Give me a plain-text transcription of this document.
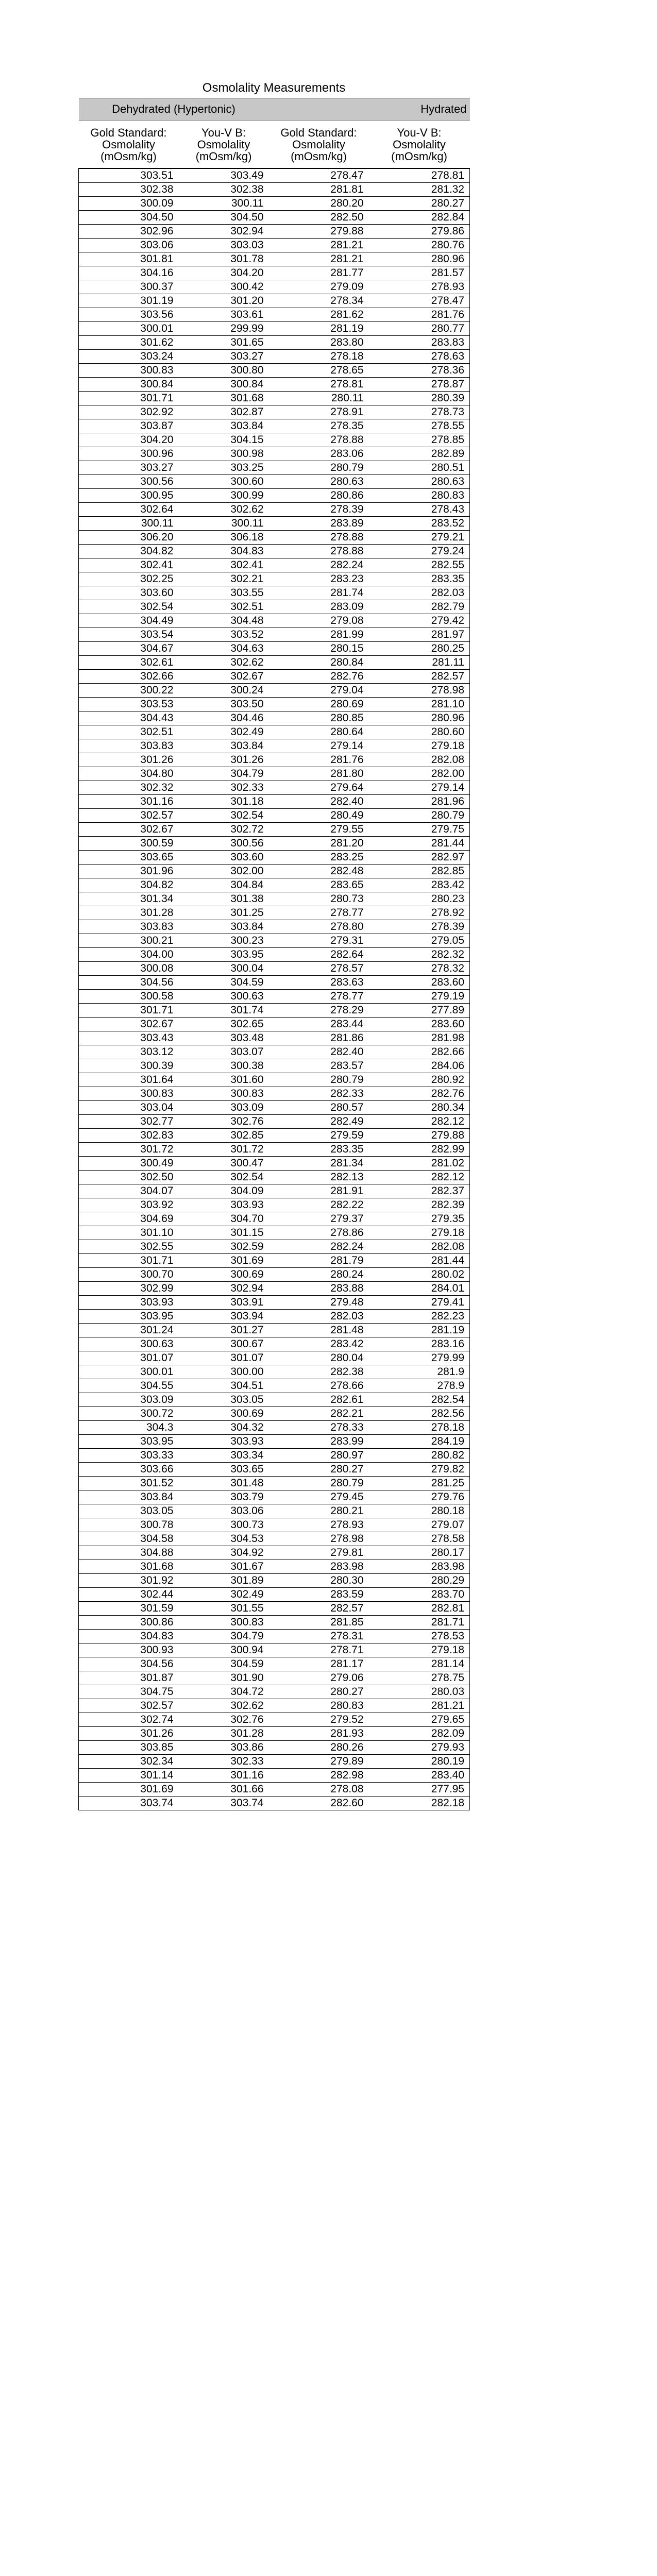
Osmolality Measurements
Dehydrated (Hypertonic)			Hydrated
Gold Standard: Osmolality (mOsm/kg)	You-V B: Osmolality (mOsm/kg)	Gold Standard: Osmolality (mOsm/kg)	You-V B: Osmolality (mOsm/kg)
303.51	303.49	278.47	278.81
302.38	302.38	281.81	281.32
300.09	300.11	280.20	280.27
304.50	304.50	282.50	282.84
302.96	302.94	279.88	279.86
303.06	303.03	281.21	280.76
301.81	301.78	281.21	280.96
304.16	304.20	281.77	281.57
300.37	300.42	279.09	278.93
301.19	301.20	278.34	278.47
303.56	303.61	281.62	281.76
300.01	299.99	281.19	280.77
301.62	301.65	283.80	283.83
303.24	303.27	278.18	278.63
300.83	300.80	278.65	278.36
300.84	300.84	278.81	278.87
301.71	301.68	280.11	280.39
302.92	302.87	278.91	278.73
303.87	303.84	278.35	278.55
304.20	304.15	278.88	278.85
300.96	300.98	283.06	282.89
303.27	303.25	280.79	280.51
300.56	300.60	280.63	280.63
300.95	300.99	280.86	280.83
302.64	302.62	278.39	278.43
300.11	300.11	283.89	283.52
306.20	306.18	278.88	279.21
304.82	304.83	278.88	279.24
302.41	302.41	282.24	282.55
302.25	302.21	283.23	283.35
303.60	303.55	281.74	282.03
302.54	302.51	283.09	282.79
304.49	304.48	279.08	279.42
303.54	303.52	281.99	281.97
304.67	304.63	280.15	280.25
302.61	302.62	280.84	281.11
302.66	302.67	282.76	282.57
300.22	300.24	279.04	278.98
303.53	303.50	280.69	281.10
304.43	304.46	280.85	280.96
302.51	302.49	280.64	280.60
303.83	303.84	279.14	279.18
301.26	301.26	281.76	282.08
304.80	304.79	281.80	282.00
302.32	302.33	279.64	279.14
301.16	301.18	282.40	281.96
302.57	302.54	280.49	280.79
302.67	302.72	279.55	279.75
300.59	300.56	281.20	281.44
303.65	303.60	283.25	282.97
301.96	302.00	282.48	282.85
304.82	304.84	283.65	283.42
301.34	301.38	280.73	280.23
301.28	301.25	278.77	278.92
303.83	303.84	278.80	278.39
300.21	300.23	279.31	279.05
304.00	303.95	282.64	282.32
300.08	300.04	278.57	278.32
304.56	304.59	283.63	283.60
300.58	300.63	278.77	279.19
301.71	301.74	278.29	277.89
302.67	302.65	283.44	283.60
303.43	303.48	281.86	281.98
303.12	303.07	282.40	282.66
300.39	300.38	283.57	284.06
301.64	301.60	280.79	280.92
300.83	300.83	282.33	282.76
303.04	303.09	280.57	280.34
302.77	302.76	282.49	282.12
302.83	302.85	279.59	279.88
301.72	301.72	283.35	282.99
300.49	300.47	281.34	281.02
302.50	302.54	282.13	282.12
304.07	304.09	281.91	282.37
303.92	303.93	282.22	282.39
304.69	304.70	279.37	279.35
301.10	301.15	278.86	279.18
302.55	302.59	282.24	282.08
301.71	301.69	281.79	281.44
300.70	300.69	280.24	280.02
302.99	302.94	283.88	284.01
303.93	303.91	279.48	279.41
303.95	303.94	282.03	282.23
301.24	301.27	281.48	281.19
300.63	300.67	283.42	283.16
301.07	301.07	280.04	279.99
300.01	300.00	282.38	281.9
304.55	304.51	278.66	278.9
303.09	303.05	282.61	282.54
300.72	300.69	282.21	282.56
304.3	304.32	278.33	278.18
303.95	303.93	283.99	284.19
303.33	303.34	280.97	280.82
303.66	303.65	280.27	279.82
301.52	301.48	280.79	281.25
303.84	303.79	279.45	279.76
303.05	303.06	280.21	280.18
300.78	300.73	278.93	279.07
304.58	304.53	278.98	278.58
304.88	304.92	279.81	280.17
301.68	301.67	283.98	283.98
301.92	301.89	280.30	280.29
302.44	302.49	283.59	283.70
301.59	301.55	282.57	282.81
300.86	300.83	281.85	281.71
304.83	304.79	278.31	278.53
300.93	300.94	278.71	279.18
304.56	304.59	281.17	281.14
301.87	301.90	279.06	278.75
304.75	304.72	280.27	280.03
302.57	302.62	280.83	281.21
302.74	302.76	279.52	279.65
301.26	301.28	281.93	282.09
303.85	303.86	280.26	279.93
302.34	302.33	279.89	280.19
301.14	301.16	282.98	283.40
301.69	301.66	278.08	277.95
303.74	303.74	282.60	282.18
